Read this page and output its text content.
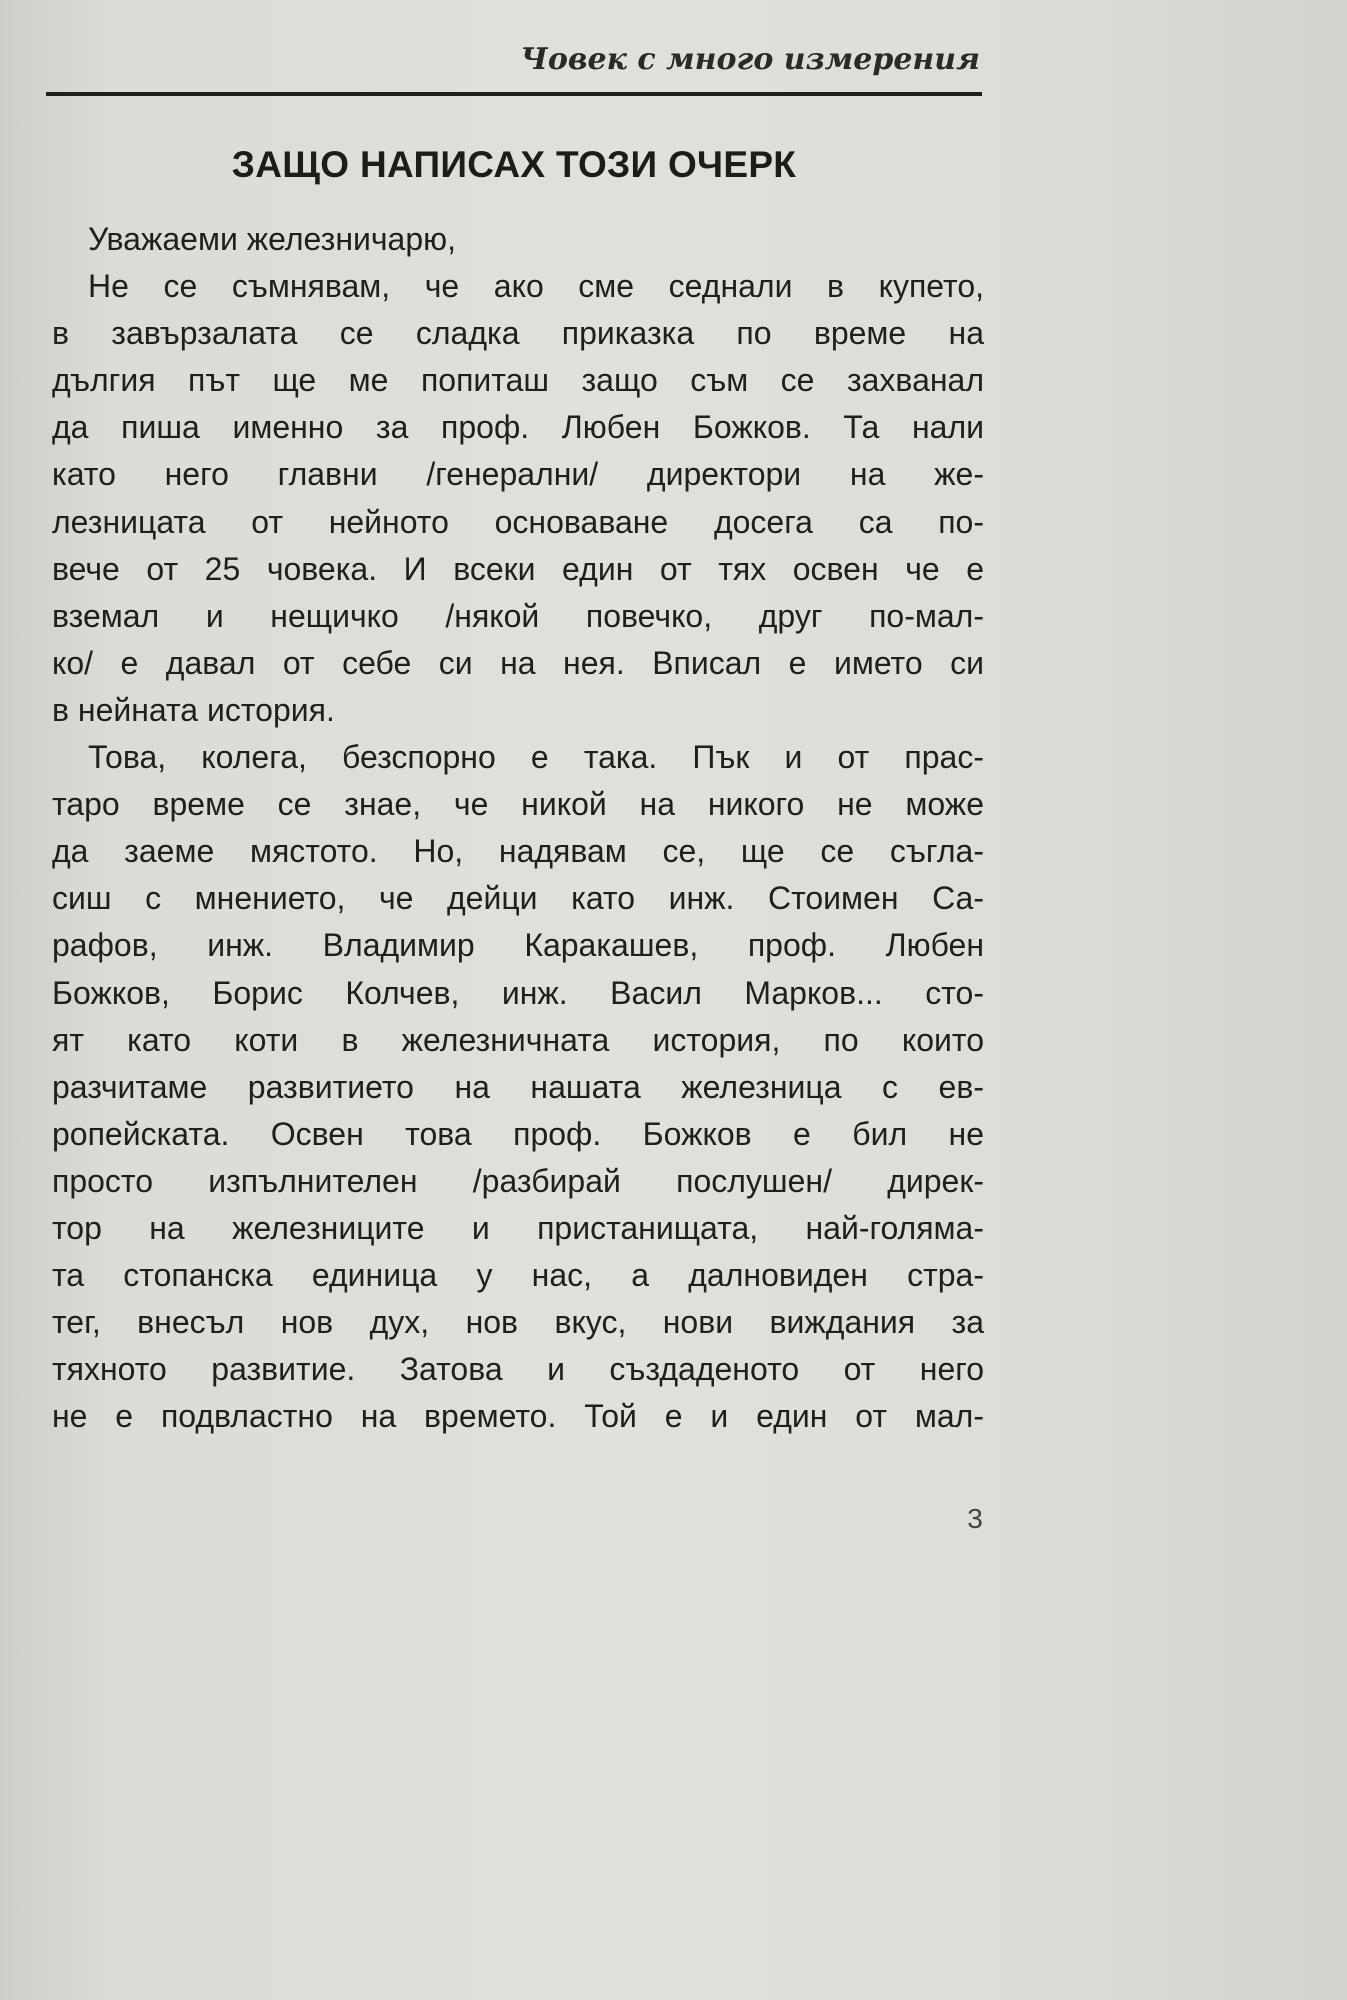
Човек с много измерения
ЗАЩО НАПИСАХ ТОЗИ ОЧЕРК
Уважаеми железничарю,
Не се съмнявам, че ако сме седнали в купето,
в завързалата се сладка приказка по време на
дългия път ще ме попиташ защо съм се захванал
да пиша именно за проф. Любен Божков. Та нали
като него главни /генерални/ директори на же-
лезницата от нейното основаване досега са по-
вече от 25 човека. И всеки един от тях освен че е
вземал и нещичко /някой повечко, друг по-мал-
ко/ е давал от себе си на нея. Вписал е името си
в нейната история.
Това, колега, безспорно е така. Пък и от прас-
таро време се знае, че никой на никого не може
да заеме мястото. Но, надявам се, ще се съгла-
сиш с мнението, че дейци като инж. Стоимен Са-
рафов, инж. Владимир Каракашев, проф. Любен
Божков, Борис Колчев, инж. Васил Марков... сто-
ят като коти в железничната история, по които
разчитаме развитието на нашата железница с ев-
ропейската. Освен това проф. Божков е бил не
просто изпълнителен /разбирай послушен/ дирек-
тор на железниците и пристанищата, най-голяма-
та стопанска единица у нас, а далновиден стра-
тег, внесъл нов дух, нов вкус, нови виждания за
тяхното развитие. Затова и създаденото от него
не е подвластно на времето. Той е и един от мал-
3
